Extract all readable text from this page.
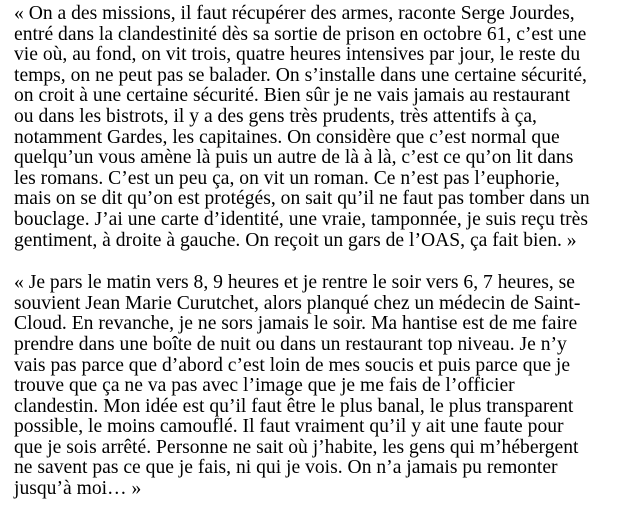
« On a des missions, il faut récupérer des armes, raconte Serge Jourdes,
entré dans la clandestinité dès sa sortie de prison en octobre 61, c’est une
vie où, au fond, on vit trois, quatre heures intensives par jour, le reste du
temps, on ne peut pas se balader. On s’installe dans une certaine sécurité,
on croit à une certaine sécurité. Bien sûr je ne vais jamais au restaurant
ou dans les bistrots, il y a des gens très prudents, très attentifs à ça,
notamment Gardes, les capitaines. On considère que c’est normal que
quelqu’un vous amène là puis un autre de là à là, c’est ce qu’on lit dans
les romans. C’est un peu ça, on vit un roman. Ce n’est pas l’euphorie,
mais on se dit qu’on est protégés, on sait qu’il ne faut pas tomber dans un
bouclage. J’ai une carte d’identité, une vraie, tamponnée, je suis reçu très
gentiment, à droite à gauche. On reçoit un gars de l’OAS, ça fait bien. »

« Je pars le matin vers 8, 9 heures et je rentre le soir vers 6, 7 heures, se
souvient Jean Marie Curutchet, alors planqué chez un médecin de Saint-
Cloud. En revanche, je ne sors jamais le soir. Ma hantise est de me faire
prendre dans une boîte de nuit ou dans un restaurant top niveau. Je n’y
vais pas parce que d’abord c’est loin de mes soucis et puis parce que je
trouve que ça ne va pas avec l’image que je me fais de l’officier
clandestin. Mon idée est qu’il faut être le plus banal, le plus transparent
possible, le moins camouflé. Il faut vraiment qu’il y ait une faute pour
que je sois arrêté. Personne ne sait où j’habite, les gens qui m’hébergent
ne savent pas ce que je fais, ni qui je vois. On n’a jamais pu remonter
jusqu’à moi… »
